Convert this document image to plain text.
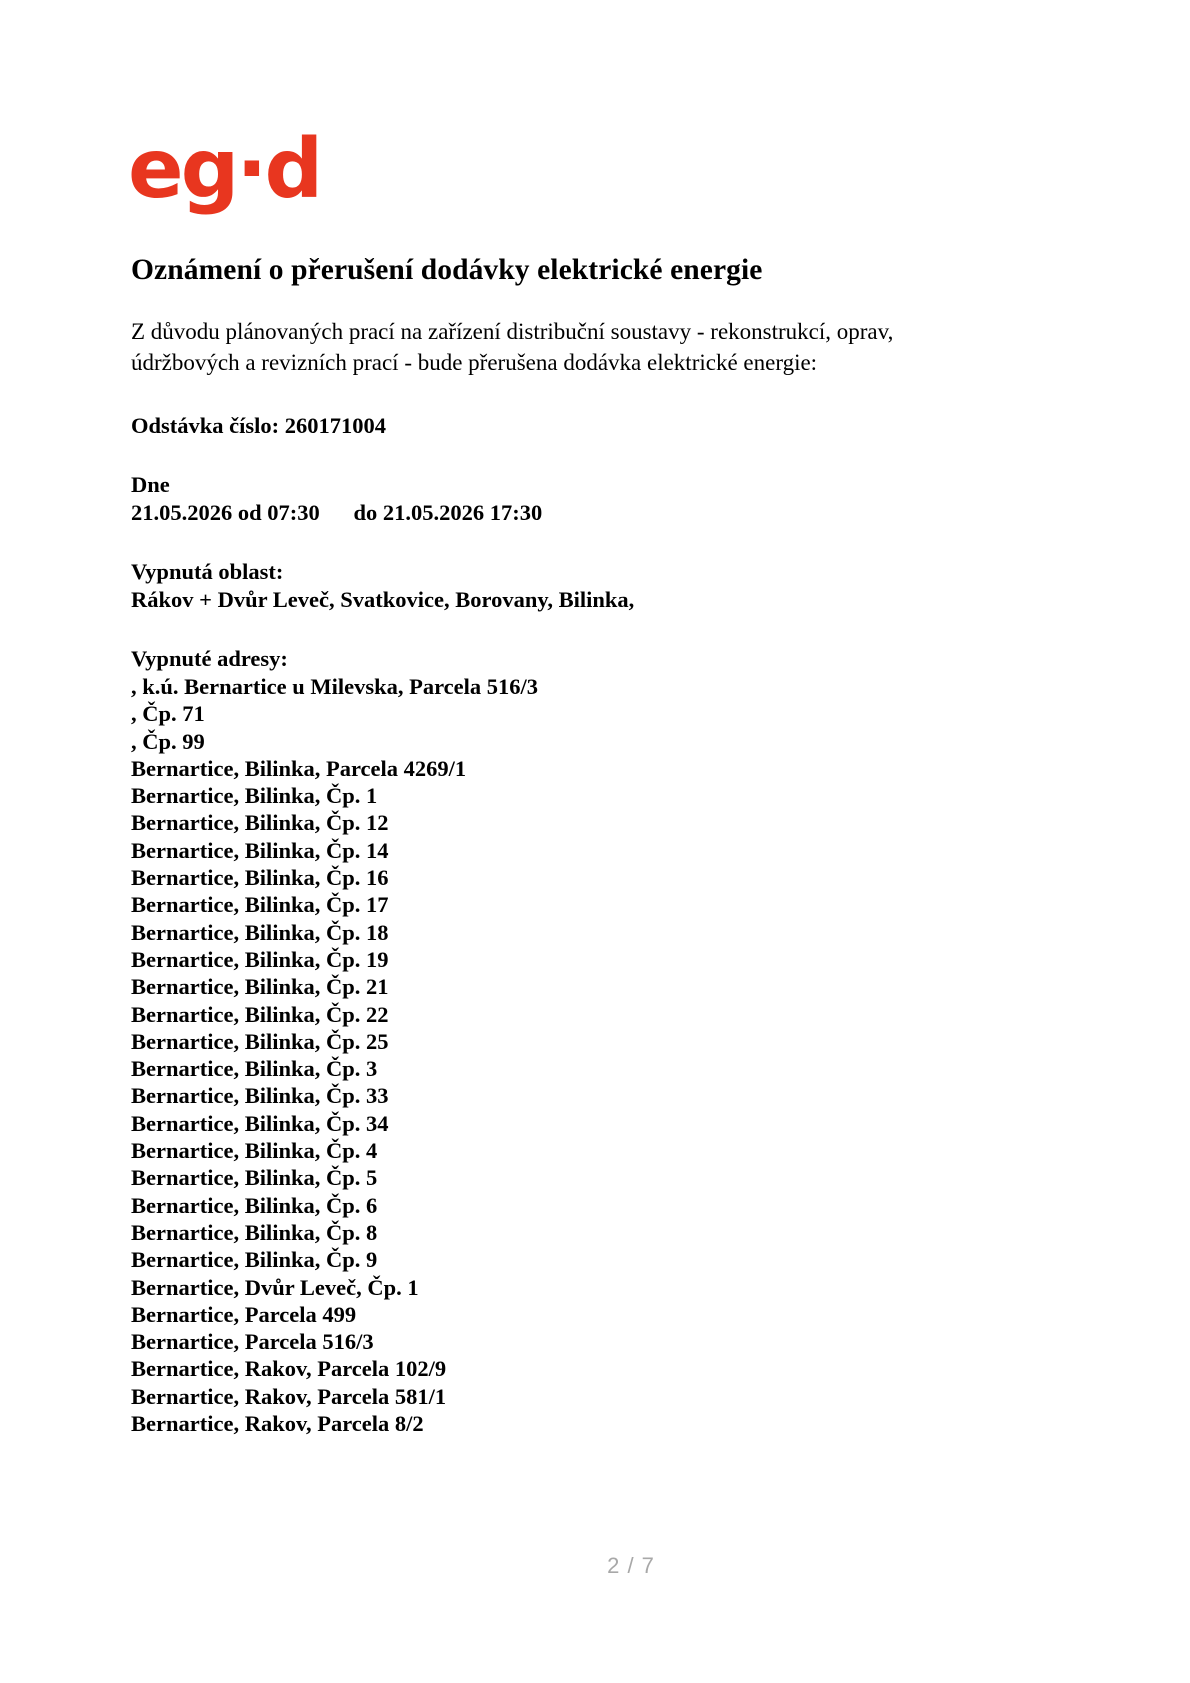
eg·d
Oznámení o přerušení dodávky elektrické energie
Z důvodu plánovaných prací na zařízení distribuční soustavy - rekonstrukcí, oprav,
údržbových a revizních prací - bude přerušena dodávka elektrické energie:
Odstávka číslo: 260171004
Dne
21.05.2026 od 07:30      do 21.05.2026 17:30
Vypnutá oblast:
Rákov + Dvůr Leveč, Svatkovice, Borovany, Bilinka,
Vypnuté adresy:
, k.ú. Bernartice u Milevska, Parcela 516/3
, Čp. 71
, Čp. 99
Bernartice, Bilinka, Parcela 4269/1
Bernartice, Bilinka, Čp. 1
Bernartice, Bilinka, Čp. 12
Bernartice, Bilinka, Čp. 14
Bernartice, Bilinka, Čp. 16
Bernartice, Bilinka, Čp. 17
Bernartice, Bilinka, Čp. 18
Bernartice, Bilinka, Čp. 19
Bernartice, Bilinka, Čp. 21
Bernartice, Bilinka, Čp. 22
Bernartice, Bilinka, Čp. 25
Bernartice, Bilinka, Čp. 3
Bernartice, Bilinka, Čp. 33
Bernartice, Bilinka, Čp. 34
Bernartice, Bilinka, Čp. 4
Bernartice, Bilinka, Čp. 5
Bernartice, Bilinka, Čp. 6
Bernartice, Bilinka, Čp. 8
Bernartice, Bilinka, Čp. 9
Bernartice, Dvůr Leveč, Čp. 1
Bernartice, Parcela 499
Bernartice, Parcela 516/3
Bernartice, Rakov, Parcela 102/9
Bernartice, Rakov, Parcela 581/1
Bernartice, Rakov, Parcela 8/2
2 / 7
